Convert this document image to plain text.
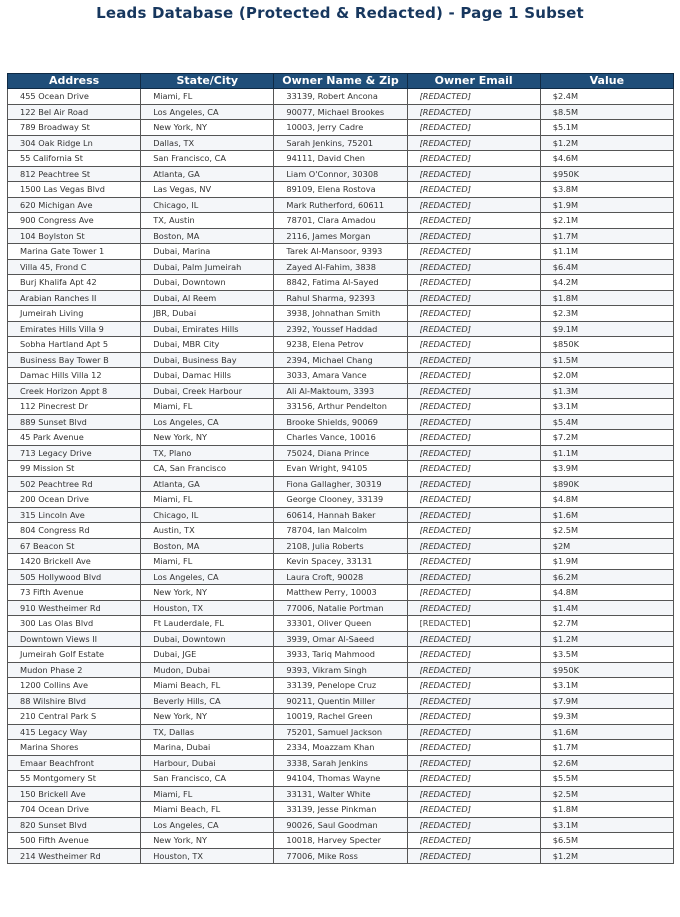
Leads Database (Protected & Redacted) - Page 1 Subset
Address	State/City	Owner Name & Zip	Owner Email	Value
455 Ocean Drive	Miami, FL	33139, Robert Ancona	[REDACTED]	$2.4M
122 Bel Air Road	Los Angeles, CA	90077, Michael Brookes	[REDACTED]	$8.5M
789 Broadway St	New York, NY	10003, Jerry Cadre	[REDACTED]	$5.1M
304 Oak Ridge Ln	Dallas, TX	Sarah Jenkins, 75201	[REDACTED]	$1.2M
55 California St	San Francisco, CA	94111, David Chen	[REDACTED]	$4.6M
812 Peachtree St	Atlanta, GA	Liam O'Connor, 30308	[REDACTED]	$950K
1500 Las Vegas Blvd	Las Vegas, NV	89109, Elena Rostova	[REDACTED]	$3.8M
620 Michigan Ave	Chicago, IL	Mark Rutherford, 60611	[REDACTED]	$1.9M
900 Congress Ave	TX, Austin	78701, Clara Amadou	[REDACTED]	$2.1M
104 Boylston St	Boston, MA	2116, James Morgan	[REDACTED]	$1.7M
Marina Gate Tower 1	Dubai, Marina	Tarek Al-Mansoor, 9393	[REDACTED]	$1.1M
Villa 45, Frond C	Dubai, Palm Jumeirah	Zayed Al-Fahim, 3838	[REDACTED]	$6.4M
Burj Khalifa Apt 42	Dubai, Downtown	8842, Fatima Al-Sayed	[REDACTED]	$4.2M
Arabian Ranches II	Dubai, Al Reem	Rahul Sharma, 92393	[REDACTED]	$1.8M
Jumeirah Living	JBR, Dubai	3938, Johnathan Smith	[REDACTED]	$2.3M
Emirates Hills Villa 9	Dubai, Emirates Hills	2392, Youssef Haddad	[REDACTED]	$9.1M
Sobha Hartland Apt 5	Dubai, MBR City	9238, Elena Petrov	[REDACTED]	$850K
Business Bay Tower B	Dubai, Business Bay	2394, Michael Chang	[REDACTED]	$1.5M
Damac Hills Villa 12	Dubai, Damac Hills	3033, Amara Vance	[REDACTED]	$2.0M
Creek Horizon Appt 8	Dubai, Creek Harbour	Ali Al-Maktoum, 3393	[REDACTED]	$1.3M
112 Pinecrest Dr	Miami, FL	33156, Arthur Pendelton	[REDACTED]	$3.1M
889 Sunset Blvd	Los Angeles, CA	Brooke Shields, 90069	[REDACTED]	$5.4M
45 Park Avenue	New York, NY	Charles Vance, 10016	[REDACTED]	$7.2M
713 Legacy Drive	TX, Plano	75024, Diana Prince	[REDACTED]	$1.1M
99 Mission St	CA, San Francisco	Evan Wright, 94105	[REDACTED]	$3.9M
502 Peachtree Rd	Atlanta, GA	Fiona Gallagher, 30319	[REDACTED]	$890K
200 Ocean Drive	Miami, FL	George Clooney, 33139	[REDACTED]	$4.8M
315 Lincoln Ave	Chicago, IL	60614, Hannah Baker	[REDACTED]	$1.6M
804 Congress Rd	Austin, TX	78704, Ian Malcolm	[REDACTED]	$2.5M
67 Beacon St	Boston, MA	2108, Julia Roberts	[REDACTED]	$2M
1420 Brickell Ave	Miami, FL	Kevin Spacey, 33131	[REDACTED]	$1.9M
505 Hollywood Blvd	Los Angeles, CA	Laura Croft, 90028	[REDACTED]	$6.2M
73 Fifth Avenue	New York, NY	Matthew Perry, 10003	[REDACTED]	$4.8M
910 Westheimer Rd	Houston, TX	77006, Natalie Portman	[REDACTED]	$1.4M
300 Las Olas Blvd	Ft Lauderdale, FL	33301, Oliver Queen	[REDACTED]	$2.7M
Downtown Views II	Dubai, Downtown	3939, Omar Al-Saeed	[REDACTED]	$1.2M
Jumeirah Golf Estate	Dubai, JGE	3933, Tariq Mahmood	[REDACTED]	$3.5M
Mudon Phase 2	Mudon, Dubai	9393, Vikram Singh	[REDACTED]	$950K
1200 Collins Ave	Miami Beach, FL	33139, Penelope Cruz	[REDACTED]	$3.1M
88 Wilshire Blvd	Beverly Hills, CA	90211, Quentin Miller	[REDACTED]	$7.9M
210 Central Park S	New York, NY	10019, Rachel Green	[REDACTED]	$9.3M
415 Legacy Way	TX, Dallas	75201, Samuel Jackson	[REDACTED]	$1.6M
Marina Shores	Marina, Dubai	2334, Moazzam Khan	[REDACTED]	$1.7M
Emaar Beachfront	Harbour, Dubai	3338, Sarah Jenkins	[REDACTED]	$2.6M
55 Montgomery St	San Francisco, CA	94104, Thomas Wayne	[REDACTED]	$5.5M
150 Brickell Ave	Miami, FL	33131, Walter White	[REDACTED]	$2.5M
704 Ocean Drive	Miami Beach, FL	33139, Jesse Pinkman	[REDACTED]	$1.8M
820 Sunset Blvd	Los Angeles, CA	90026, Saul Goodman	[REDACTED]	$3.1M
500 Fifth Avenue	New York, NY	10018, Harvey Specter	[REDACTED]	$6.5M
214 Westheimer Rd	Houston, TX	77006, Mike Ross	[REDACTED]	$1.2M
